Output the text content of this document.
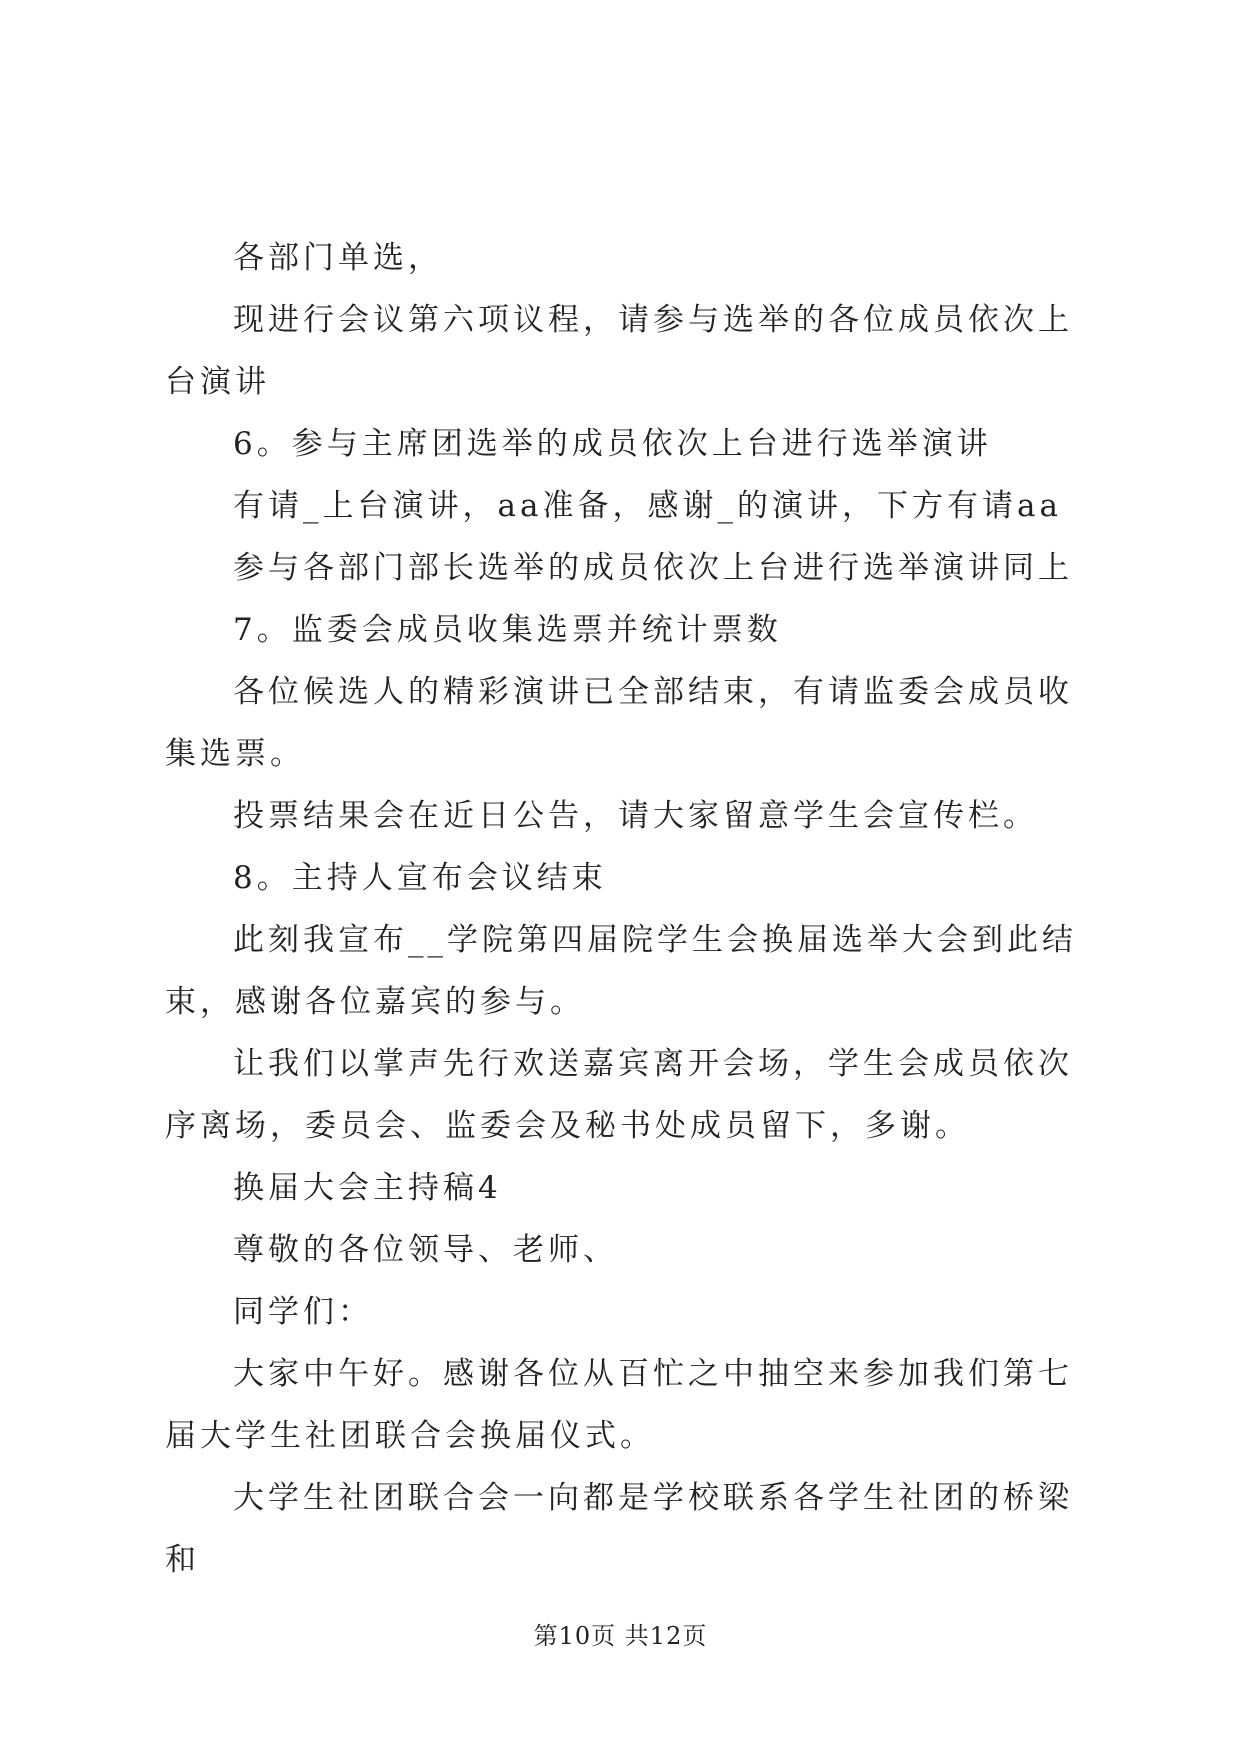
各部门单选，

现进行会议第六项议程，请参与选举的各位成员依次上台演讲

6。参与主席团选举的成员依次上台进行选举演讲

有请_上台演讲，aa准备，感谢_的演讲，下方有请aa

参与各部门部长选举的成员依次上台进行选举演讲同上

7。监委会成员收集选票并统计票数

各位候选人的精彩演讲已全部结束，有请监委会成员收集选票。

投票结果会在近日公告，请大家留意学生会宣传栏。

8。主持人宣布会议结束

此刻我宣布__学院第四届院学生会换届选举大会到此结束，感谢各位嘉宾的参与。

让我们以掌声先行欢送嘉宾离开会场，学生会成员依次序离场，委员会、监委会及秘书处成员留下，多谢。

换届大会主持稿4

尊敬的各位领导、老师、

同学们：

大家中午好。感谢各位从百忙之中抽空来参加我们第七届大学生社团联合会换届仪式。

大学生社团联合会一向都是学校联系各学生社团的桥梁和

第10页 共12页
